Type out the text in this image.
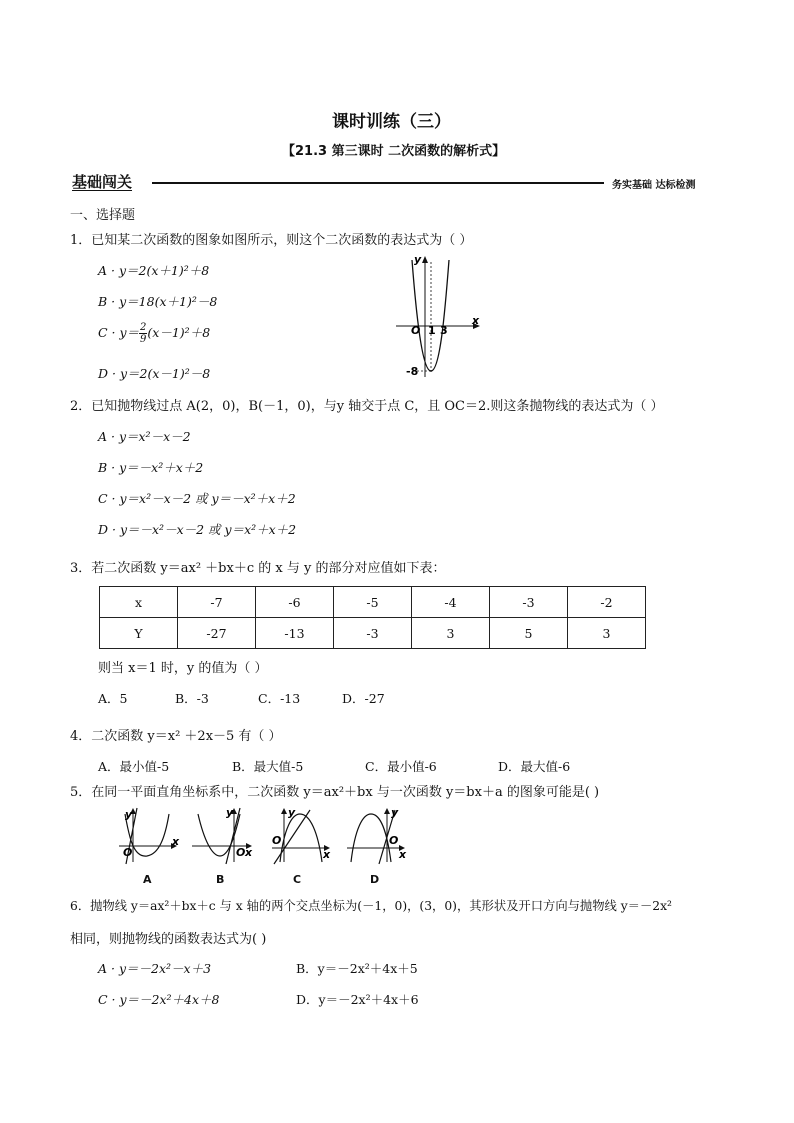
课时训练（三）
【21.3 第三课时 二次函数的解析式】
基础闯关	务实基础 达标检测
一、选择题
1．已知某二次函数的图象如图所示，则这个二次函数的表达式为（ ）
A · y＝2(x＋1)²＋8
B · y＝18(x＋1)²－8
$C \cdot y= \frac{2}{9} (x-1)^2+8$
D · y＝2(x－1)²－8
y
x
O 1 3
-8
2．已知抛物线过点 A(2，0)，B(－1，0)，与y 轴交于点 C，且 OC＝2.则这条抛物线的表达式为（ ）
A · y＝x²－x－2
B · y＝－x²＋x＋2
C · y＝x²－x－2 或 y＝－x²＋x＋2
D · y＝－x²－x－2 或 y＝x²＋x＋2
3．若二次函数 y＝ax² ＋bx＋c 的 x 与 y 的部分对应值如下表：
x	-7	-6	-5	-4	-3	-2
Y	-27	-13	-3	3	5	3
则当 x＝1 时，y 的值为（ ）
A．5	B．-3	C．-13	D．-27
4．二次函数 y＝x² ＋2x－5 有（ ）
A．最小值-5	B．最大值-5	C．最小值-6	D．最大值-6
5．在同一平面直角坐标系中，二次函数 y＝ax²＋bx 与一次函数 y＝bx＋a 的图象可能是( )
y
x
O
A
y
x
O
B
y
x
O
C
y
x
O
D
6．抛物线 y＝ax²＋bx＋c 与 x 轴的两个交点坐标为(－1，0)，(3，0)，其形状及开口方向与抛物线 y＝－2x²
相同，则抛物线的函数表达式为( )
A · y＝－2x²－x＋3	B．y＝－2x²＋4x＋5
C · y＝－2x²＋4x＋8	D．y＝－2x²＋4x＋6
